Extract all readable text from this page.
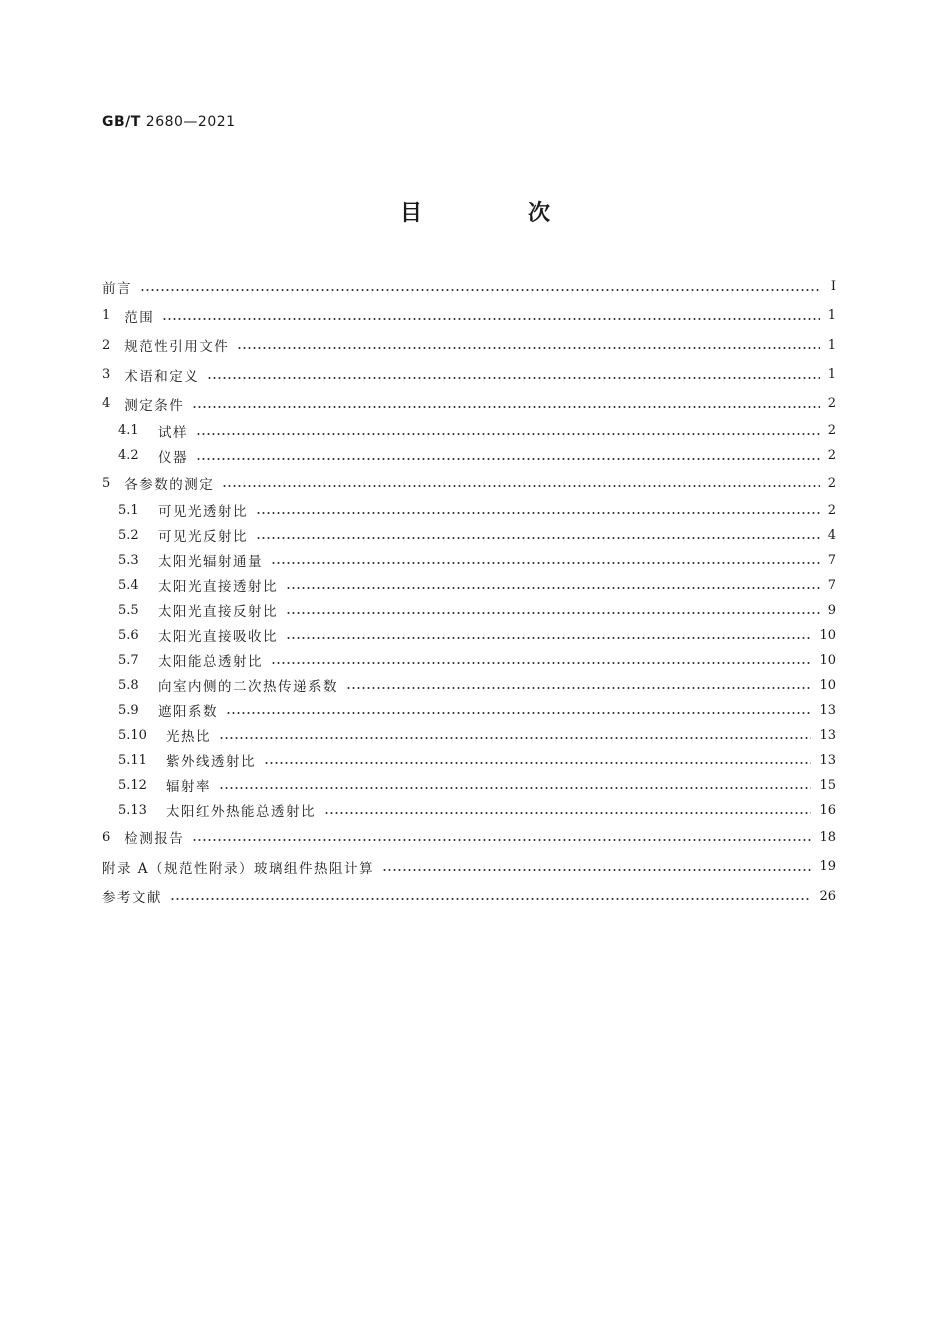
GB/T 2680—2021
目　次
前言	Ⅰ
1 范围	1
2 规范性引用文件	1
3 术语和定义	1
4 测定条件	2
4.1	试样	2
4.2	仪器	2
5 各参数的测定	2
5.1	可见光透射比	2
5.2	可见光反射比	4
5.3	太阳光辐射通量	7
5.4	太阳光直接透射比	7
5.5	太阳光直接反射比	9
5.6	太阳光直接吸收比	10
5.7	太阳能总透射比	10
5.8	向室内侧的二次热传递系数	10
5.9	遮阳系数	13
5.10	光热比	13
5.11	紫外线透射比	13
5.12	辐射率	15
5.13	太阳红外热能总透射比	16
6 检测报告	18
附录 A（规范性附录）玻璃组件热阻计算	19
参考文献	26
